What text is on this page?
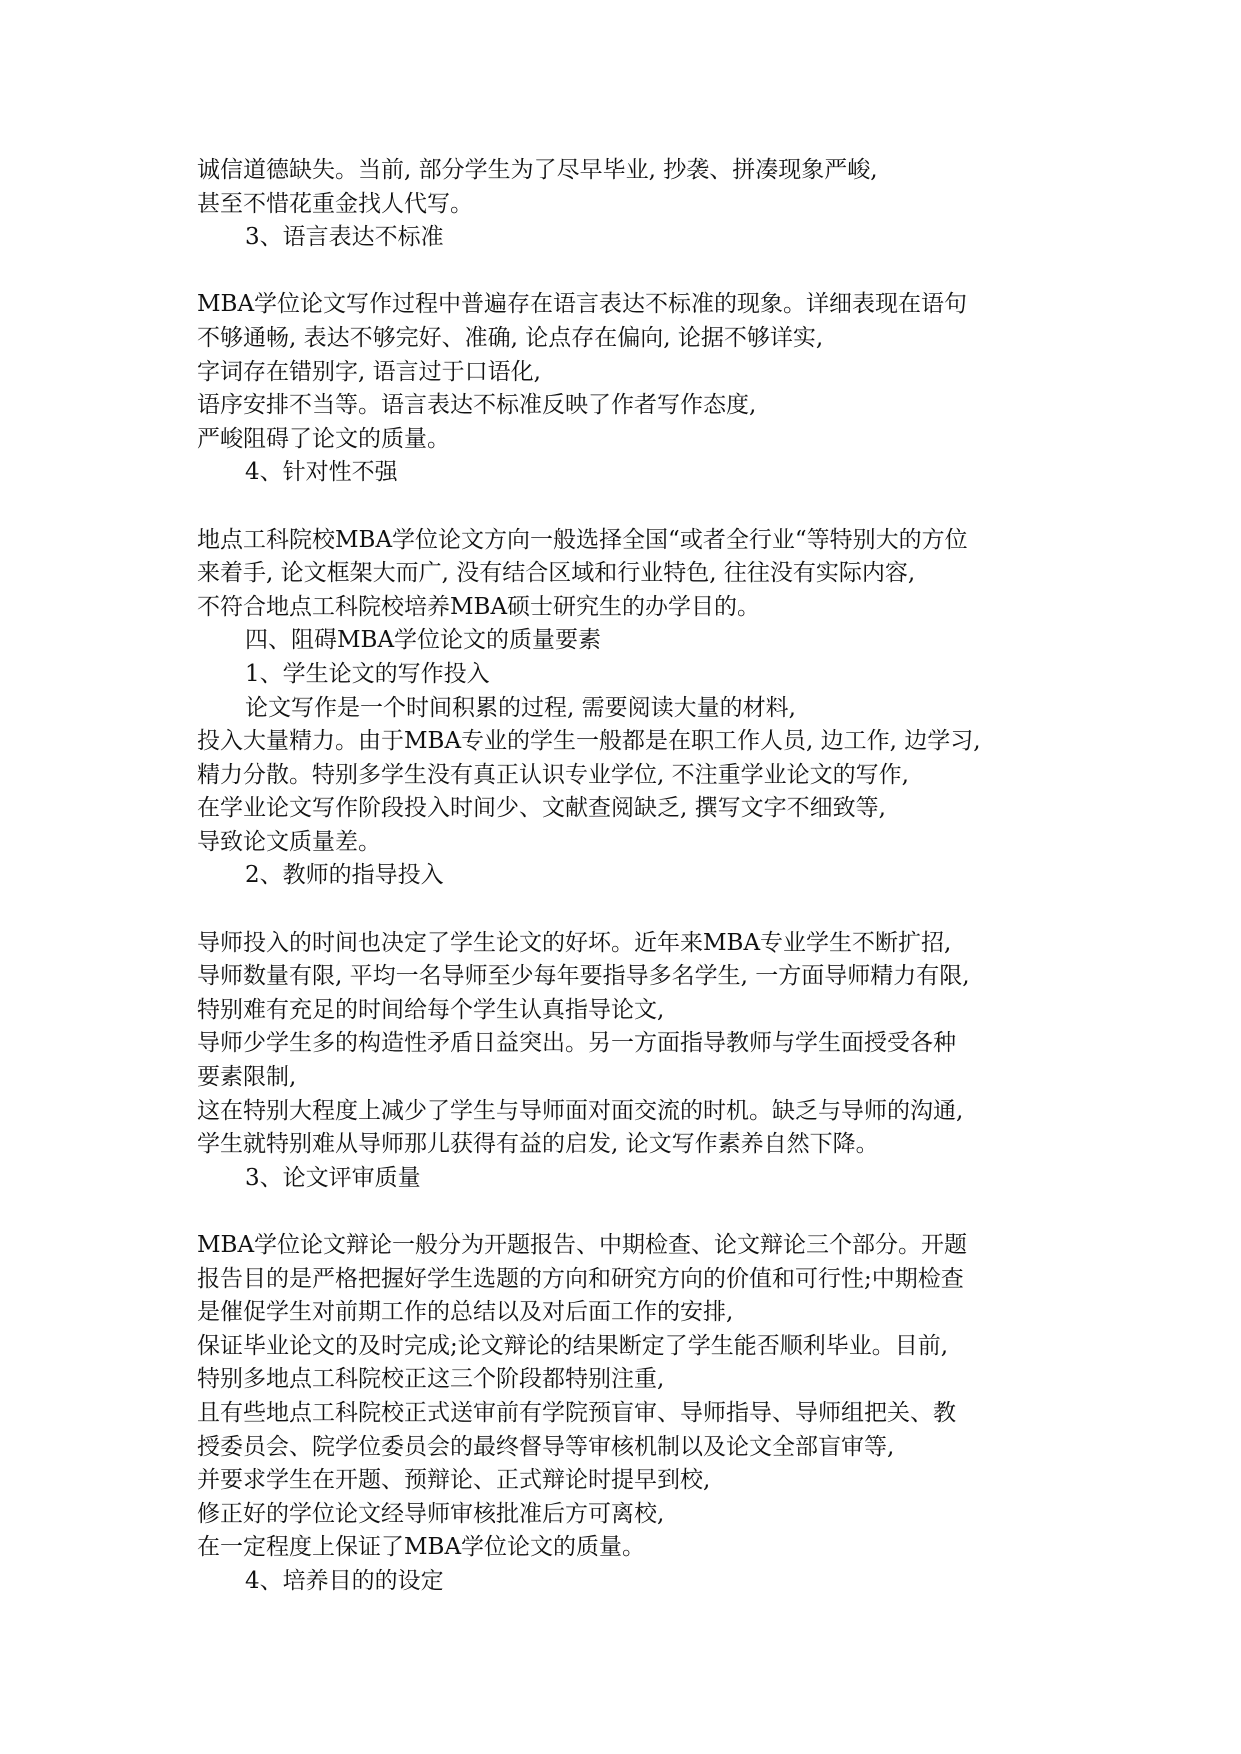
诚信道德缺失。当前, 部分学生为了尽早毕业, 抄袭、拼凑现象严峻,

甚至不惜花重金找人代写。

3、语言表达不标准

MBA学位论文写作过程中普遍存在语言表达不标准的现象。详细表现在语句

不够通畅, 表达不够完好、准确, 论点存在偏向, 论据不够详实,

字词存在错别字, 语言过于口语化,

语序安排不当等。语言表达不标准反映了作者写作态度,

严峻阻碍了论文的质量。

4、针对性不强

地点工科院校MBA学位论文方向一般选择全国“或者全行业“等特别大的方位

来着手, 论文框架大而广, 没有结合区域和行业特色, 往往没有实际内容,

不符合地点工科院校培养MBA硕士研究生的办学目的。

四、阻碍MBA学位论文的质量要素

1、学生论文的写作投入

论文写作是一个时间积累的过程, 需要阅读大量的材料,

投入大量精力。由于MBA专业的学生一般都是在职工作人员, 边工作, 边学习,

精力分散。特别多学生没有真正认识专业学位, 不注重学业论文的写作,

在学业论文写作阶段投入时间少、文献查阅缺乏, 撰写文字不细致等,

导致论文质量差。

2、教师的指导投入

导师投入的时间也决定了学生论文的好坏。近年来MBA专业学生不断扩招,

导师数量有限, 平均一名导师至少每年要指导多名学生, 一方面导师精力有限,

特别难有充足的时间给每个学生认真指导论文,

导师少学生多的构造性矛盾日益突出。另一方面指导教师与学生面授受各种

要素限制,

这在特别大程度上减少了学生与导师面对面交流的时机。缺乏与导师的沟通,

学生就特别难从导师那儿获得有益的启发, 论文写作素养自然下降。

3、论文评审质量

MBA学位论文辩论一般分为开题报告、中期检查、论文辩论三个部分。开题

报告目的是严格把握好学生选题的方向和研究方向的价值和可行性;中期检查

是催促学生对前期工作的总结以及对后面工作的安排,

保证毕业论文的及时完成;论文辩论的结果断定了学生能否顺利毕业。目前,

特别多地点工科院校正这三个阶段都特别注重,

且有些地点工科院校正式送审前有学院预盲审、导师指导、导师组把关、教

授委员会、院学位委员会的最终督导等审核机制以及论文全部盲审等,

并要求学生在开题、预辩论、正式辩论时提早到校,

修正好的学位论文经导师审核批准后方可离校,

在一定程度上保证了MBA学位论文的质量。

4、培养目的的设定
